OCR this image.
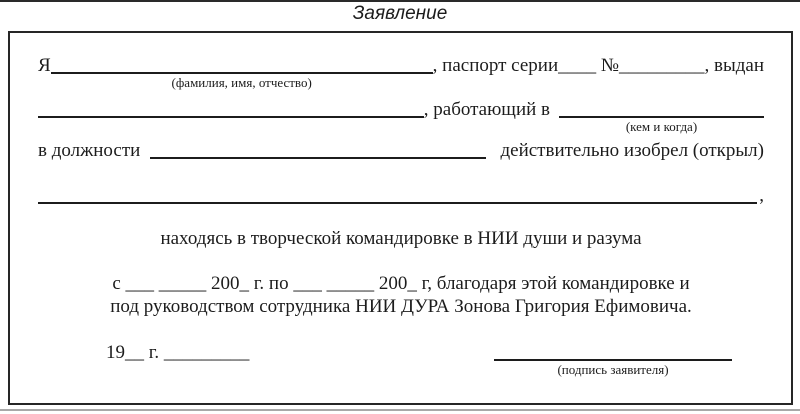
Заявление
Я
(фамилия, имя, отчество)
, паспорт серии____ №_________, выдан
, работающий в
(кем и когда)
в должности	действительно изобрел (открыл)
,
находясь в творческой командировке в НИИ души и разума
с ___ _____ 200_ г. по ___ _____ 200_ г, благодаря этой командировке и
под руководством сотрудника НИИ ДУРА Зонова Григория Ефимовича.
19__ г. _________
(подпись заявителя)
